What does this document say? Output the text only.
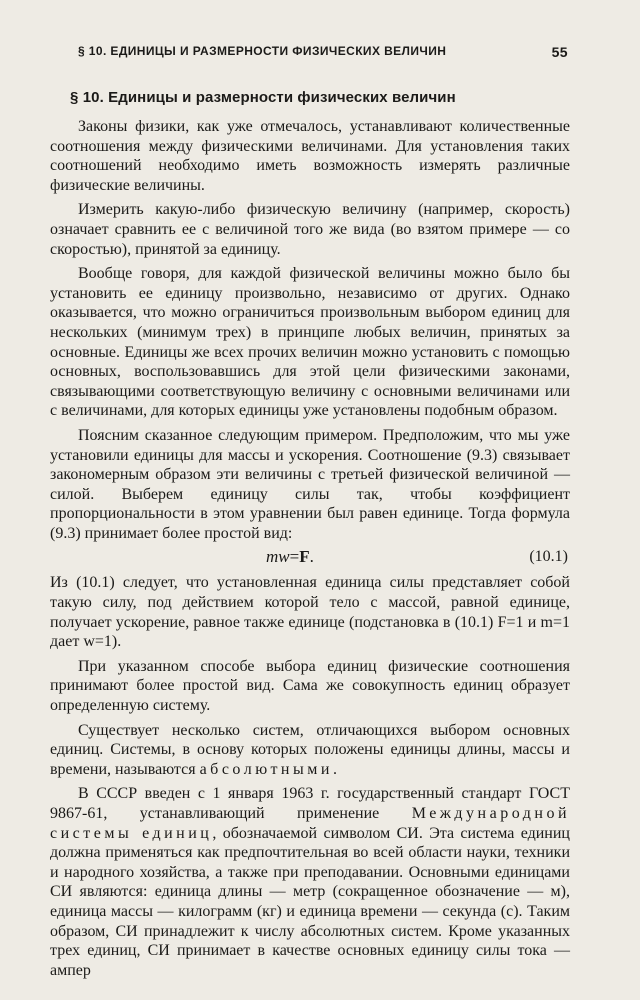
§ 10. ЕДИНИЦЫ И РАЗМЕРНОСТИ ФИЗИЧЕСКИХ ВЕЛИЧИН	55
§ 10. Единицы и размерности физических величин

Законы физики, как уже отмечалось, устанавливают количественные соотношения между физическими величинами. Для установления таких соотношений необходимо иметь возможность измерять различные физические величины.

Измерить какую-либо физическую величину (например, скорость) означает сравнить ее с величиной того же вида (во взятом примере — со скоростью), принятой за единицу.

Вообще говоря, для каждой физической величины можно было бы установить ее единицу произвольно, независимо от других. Однако оказывается, что можно ограничиться произвольным выбором единиц для нескольких (минимум трех) в принципе любых величин, принятых за основные. Единицы же всех прочих величин можно установить с помощью основных, воспользовавшись для этой цели физическими законами, связывающими соответствующую величину с основными величинами или с величинами, для которых единицы уже установлены подобным образом.

Поясним сказанное следующим примером. Предположим, что мы уже установили единицы для массы и ускорения. Соотношение (9.3) связывает закономерным образом эти величины с третьей физической величиной — силой. Выберем единицу силы так, чтобы коэффициент пропорциональности в этом уравнении был равен единице. Тогда формула (9.3) принимает более простой вид:

mw=F.	(10.1)

Из (10.1) следует, что установленная единица силы представляет собой такую силу, под действием которой тело с массой, равной единице, получает ускорение, равное также единице (подстановка в (10.1) F=1 и m=1 дает w=1).

При указанном способе выбора единиц физические соотношения принимают более простой вид. Сама же совокупность единиц образует определенную систему.

Существует несколько систем, отличающихся выбором основных единиц. Системы, в основу которых положены единицы длины, массы и времени, называются абсолютными.

В СССР введен с 1 января 1963 г. государственный стандарт ГОСТ 9867-61, устанавливающий применение Международной системы единиц, обозначаемой символом СИ. Эта система единиц должна применяться как предпочтительная во всей области науки, техники и народного хозяйства, а также при преподавании. Основными единицами СИ являются: единица длины — метр (сокращенное обозначение — м), единица массы — килограмм (кг) и единица времени — секунда (с). Таким образом, СИ принадлежит к числу абсолютных систем. Кроме указанных трех единиц, СИ принимает в качестве основных единицу силы тока — ампер
